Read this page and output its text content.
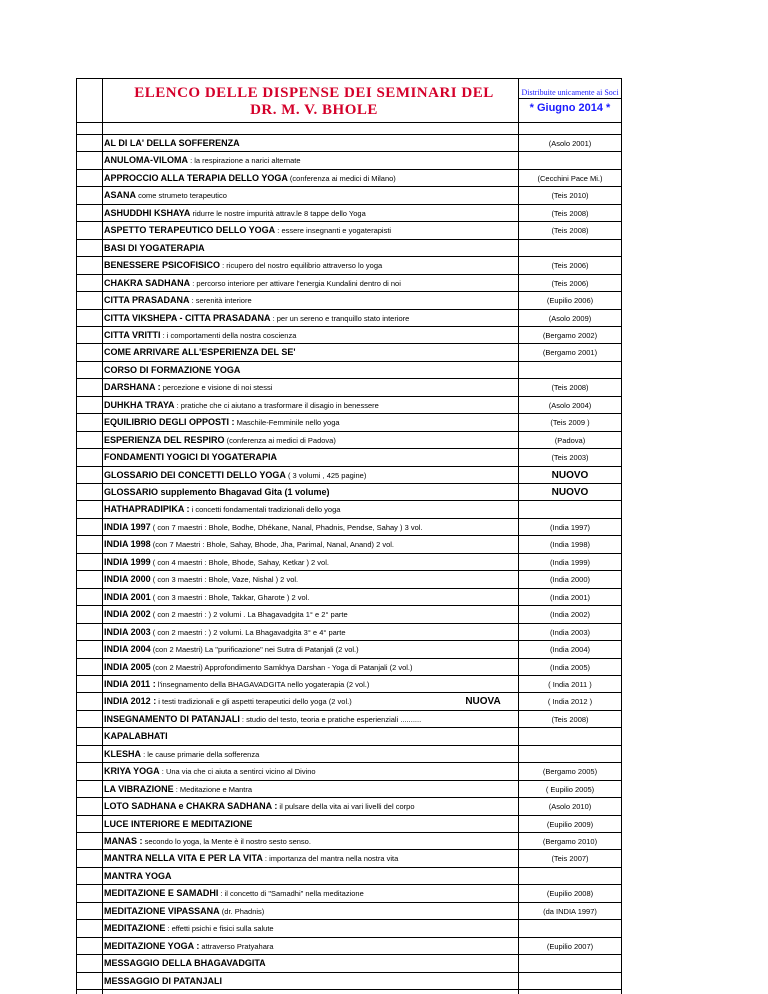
ELENCO DELLE DISPENSE DEI SEMINARI DEL
DR. M. V. BHOLE
Distribuite unicamente ai Soci
* Giugno 2014 *
AL DI LA' DELLA SOFFERENZA	(Asolo 2001)
ANULOMA-VILOMA : la respirazione a narici alternate
APPROCCIO ALLA TERAPIA DELLO YOGA (conferenza ai medici di Milano)	(Cecchini Pace Mi.)
ASANA come strumeto terapeutico	(Teis 2010)
ASHUDDHI KSHAYA ridurre le nostre impurità attrav.le 8 tappe dello Yoga	(Teis 2008)
ASPETTO TERAPEUTICO DELLO YOGA : essere insegnanti e yogaterapisti	(Teis 2008)
BASI DI YOGATERAPIA
BENESSERE PSICOFISICO : ricupero del nostro equilibrio attraverso lo yoga	(Teis 2006)
CHAKRA SADHANA : percorso interiore per attivare l'energia Kundalini dentro di noi	(Teis 2006)
CITTA PRASADANA : serenità interiore	(Eupilio 2006)
CITTA VIKSHEPA - CITTA PRASADANA : per un sereno e tranquillo stato interiore	(Asolo 2009)
CITTA VRITTI : i comportamenti della nostra coscienza	(Bergamo 2002)
COME ARRIVARE ALL'ESPERIENZA DEL SE'	(Bergamo 2001)
CORSO DI FORMAZIONE YOGA
DARSHANA : percezione e visione di noi stessi	(Teis 2008)
DUHKHA TRAYA : pratiche che ci aiutano a trasformare il disagio in benessere	(Asolo 2004)
EQUILIBRIO DEGLI OPPOSTI : Maschile-Femminile nello yoga	(Teis 2009 )
ESPERIENZA DEL RESPIRO (conferenza ai medici di Padova)	(Padova)
FONDAMENTI YOGICI DI YOGATERAPIA	(Teis 2003)
GLOSSARIO DEI CONCETTI DELLO YOGA ( 3 volumi , 425 pagine)	NUOVO
GLOSSARIO supplemento Bhagavad Gita (1 volume)	NUOVO
HATHAPRADIPIKA : i concetti fondamentali tradizionali dello yoga
INDIA 1997 ( con 7 maestri : Bhole, Bodhe, Dhékane, Nanal, Phadnis, Pendse, Sahay ) 3 vol.	(India 1997)
INDIA 1998 (con 7 Maestri : Bhole, Sahay, Bhode, Jha, Parimal, Nanal, Anand) 2 vol.	(India 1998)
INDIA 1999 ( con 4 maestri : Bhole, Bhode, Sahay, Ketkar ) 2 vol.	(India 1999)
INDIA 2000 ( con 3 maestri : Bhole, Vaze, Nishal ) 2 vol.	(India 2000)
INDIA 2001 ( con 3 maestri : Bhole, Takkar, Gharote ) 2 vol.	(India 2001)
INDIA 2002 ( con 2 maestri : ) 2 volumi . La Bhagavadgita 1° e 2° parte	(India 2002)
INDIA 2003 ( con 2 maestri : ) 2 volumi. La Bhagavadgita 3° e 4° parte	(India 2003)
INDIA 2004 (con 2 Maestri) La "purificazione" nei Sutra di Patanjali (2 vol.)	(India 2004)
INDIA 2005 (con 2 Maestri) Approfondimento Samkhya Darshan - Yoga di Patanjali (2 vol.)	(India 2005)
INDIA 2011 : l'insegnamento della BHAGAVADGITA nello yogaterapia (2 vol.)	( India 2011 )
INDIA 2012 : i testi tradizionali e gli aspetti terapeutici dello yoga (2 vol.)	NUOVA	( India 2012 )
INSEGNAMENTO DI PATANJALI : studio del testo, teoria e pratiche esperienziali ..........	(Teis 2008)
KAPALABHATI
KLESHA : le cause primarie della sofferenza
KRIYA YOGA : Una via che ci aiuta a sentirci vicino al Divino	(Bergamo 2005)
LA VIBRAZIONE : Meditazione e Mantra	( Eupilio 2005)
LOTO SADHANA e CHAKRA SADHANA : il pulsare della vita ai vari livelli del corpo	(Asolo 2010)
LUCE INTERIORE E MEDITAZIONE	(Eupilio 2009)
MANAS : secondo lo yoga, la Mente è il nostro sesto senso.	(Bergamo 2010)
MANTRA NELLA VITA E PER LA VITA : importanza del mantra nella nostra vita	(Teis 2007)
MANTRA YOGA
MEDITAZIONE E SAMADHI : il concetto di "Samadhi" nella meditazione	(Eupilio 2008)
MEDITAZIONE VIPASSANA (dr. Phadnis)	(da INDIA 1997)
MEDITAZIONE : effetti psichi e fisici sulla salute
MEDITAZIONE YOGA : attraverso Pratyahara	(Eupilio 2007)
MESSAGGIO DELLA BHAGAVADGITA
MESSAGGIO DI PATANJALI
